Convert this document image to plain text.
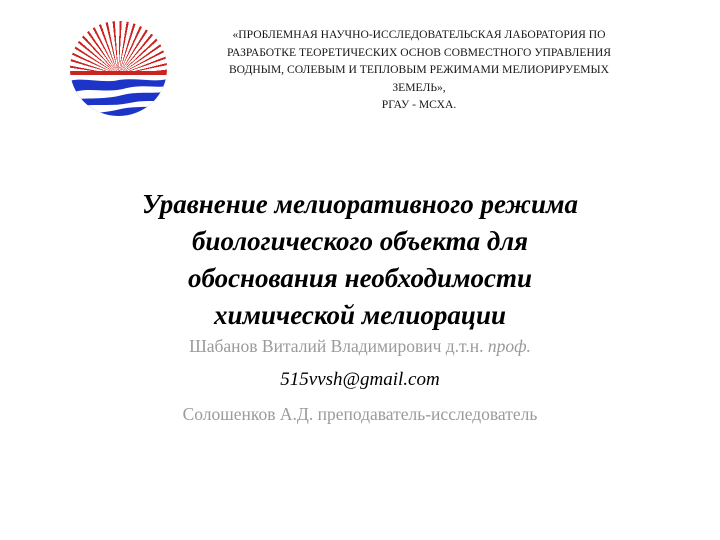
«ПРОБЛЕМНАЯ НАУЧНО-ИССЛЕДОВАТЕЛЬСКАЯ ЛАБОРАТОРИЯ ПО
РАЗРАБОТКЕ ТЕОРЕТИЧЕСКИХ ОСНОВ СОВМЕСТНОГО УПРАВЛЕНИЯ
ВОДНЫМ, СОЛЕВЫМ И ТЕПЛОВЫМ РЕЖИМАМИ МЕЛИОРИРУЕМЫХ
ЗЕМЕЛЬ»,
РГАУ - МСХА.
Уравнение мелиоративного режима
биологического объекта для
обоснования необходимости
химической мелиорации

Шабанов Виталий Владимирович д.т.н. проф.

515vvsh@gmail.com

Солошенков А.Д. преподаватель-исследователь
